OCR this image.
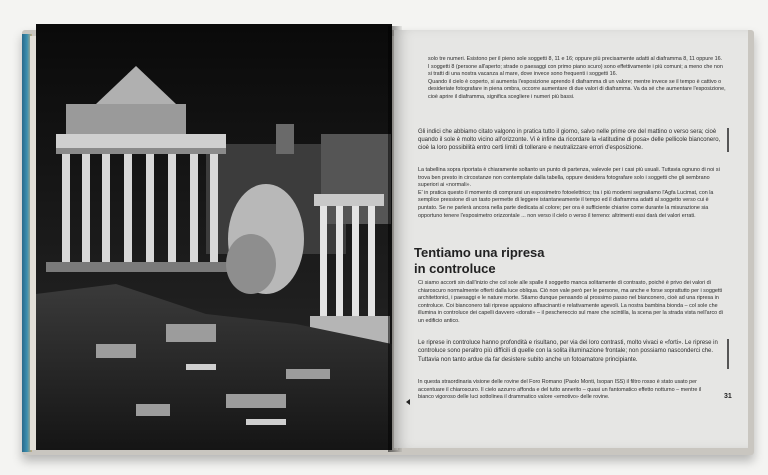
solo tre numeri. Esistono per il pieno sole soggetti 8, 11 e 16; oppure più precisamente adatti al diaframma 8, 11 oppure 16.
I soggetti 8 (persone all'aperto; strade o paesaggi con primo piano scuro) sono effettivamente i più comuni; a meno che non si tratti di una nostra vacanza al mare, dove invece sono frequenti i soggetti 16.
Quando il cielo è coperto, si aumenta l'esposizione aprendo il diaframma di un valore; mentre invece se il tempo è cattivo o desideriate fotografare in piena ombra, occorre aumentare di due valori di diaframma. Va da sé che aumentare l'esposizione, cioè aprire il diaframma, significa scegliere i numeri più bassi.
Gli indici che abbiamo citato valgono in pratica tutto il giorno, salvo nelle prime ore del mattino o verso sera; cioè quando il sole è molto vicino all'orizzonte. Vi è infine da ricordare la «latitudine di posa» delle pellicole bianconero, cioè la loro possibilità entro certi limiti di tollerare e neutralizzare errori d'esposizione.
La tabellina sopra riportata è chiaramente soltanto un punto di partenza, valevole per i casi più usuali. Tuttavia ognuno di noi si trova ben presto in circostanze non contemplate dalla tabella, oppure desidera fotografare solo i soggetti che gli sembrano superiori ai «normali».
E' in pratica questo il momento di comprarsi un esposimetro fotoelettrico; tra i più moderni segnaliamo l'Agfa Lucimat, con la semplice pressione di un tasto permette di leggere istantaneamente il tempo ed il diaframma adatti al soggetto verso cui è puntato. Se ne parlerà ancora nella parte dedicata al colore; per ora è sufficiente chiarire come durante la misurazione sia opportuno tenere l'esposimetro orizzontale ... non verso il cielo o verso il terreno: altrimenti essi darà dei valori errati.
Tentiamo una ripresa
in controluce
Ci siamo accorti sin dall'inizio che col sole alle spalle il soggetto manca solitamente di contrasto, poiché è privo dei valori di chiaroscuro normalmente offerti dalla luce obliqua. Ciò non vale però per le persone, ma anche e forse soprattutto per i soggetti architettonici, i paesaggi e le nature morte. Stiamo dunque pensando al prossimo passo nel bianconero, cioè ad una ripresa in controluce. Coi bianconero tali riprese appaiono affascinanti e relativamente agevoli. La nostra bambina bionda – col sole che illumina in controluce dei capelli davvero «dorati» – il peschereccio sul mare che scintilla, la scena per la strada vista nell'arco di un edificio antico.
Le riprese in controluce hanno profondità e risultano, per via dei loro contrasti, molto vivaci e «forti». Le riprese in controluce sono peraltro più difficili di quelle con la solita illuminazione frontale; non possiamo nasconderci che. Tuttavia non tanto ardue da far desistere subito anche un fotoamatore principiante.
In questa straordinaria visione delle rovine del Foro Romano (Paolo Monti, Isopan ISS) il filtro rosso è stato usato per accentuare il chiaroscuro. Il cielo azzurro affonda e del tutto annerito – quasi un fantomatico effetto notturno – mentre il bianco vigoroso delle luci sottolinea il drammatico valore «emotivo» delle rovine.	31
